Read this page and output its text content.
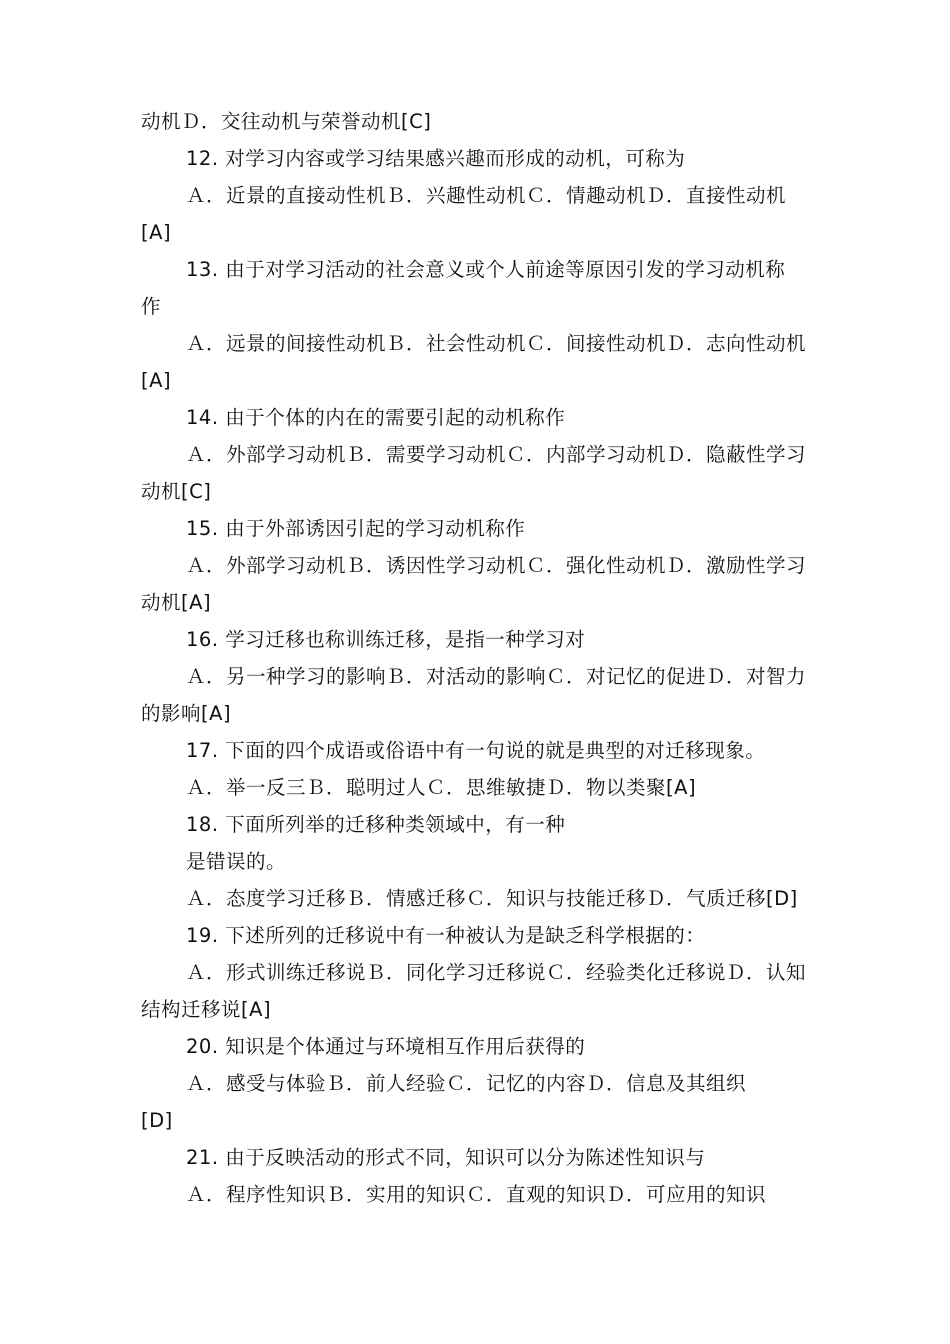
动机Ｄ．交往动机与荣誉动机[C]
12. 对学习内容或学习结果感兴趣而形成的动机，可称为
Ａ．近景的直接动性机Ｂ．兴趣性动机Ｃ．情趣动机Ｄ．直接性动机
[A]
13. 由于对学习活动的社会意义或个人前途等原因引发的学习动机称
作
Ａ．远景的间接性动机Ｂ．社会性动机Ｃ．间接性动机Ｄ．志向性动机
[A]
14. 由于个体的内在的需要引起的动机称作
Ａ．外部学习动机Ｂ．需要学习动机Ｃ．内部学习动机Ｄ．隐蔽性学习
动机[C]
15. 由于外部诱因引起的学习动机称作
Ａ．外部学习动机Ｂ．诱因性学习动机Ｃ．强化性动机Ｄ．激励性学习
动机[A]
16. 学习迁移也称训练迁移，是指一种学习对
Ａ．另一种学习的影响Ｂ．对活动的影响Ｃ．对记忆的促进Ｄ．对智力
的影响[A]
17. 下面的四个成语或俗语中有一句说的就是典型的对迁移现象。
Ａ．举一反三Ｂ．聪明过人Ｃ．思维敏捷Ｄ．物以类聚[A]
18. 下面所列举的迁移种类领域中，有一种
是错误的。
Ａ．态度学习迁移Ｂ．情感迁移Ｃ．知识与技能迁移Ｄ．气质迁移[D]
19. 下述所列的迁移说中有一种被认为是缺乏科学根据的：
Ａ．形式训练迁移说Ｂ．同化学习迁移说Ｃ．经验类化迁移说Ｄ．认知
结构迁移说[A]
20. 知识是个体通过与环境相互作用后获得的
Ａ．感受与体验Ｂ．前人经验Ｃ．记忆的内容Ｄ．信息及其组织
[D]
21. 由于反映活动的形式不同，知识可以分为陈述性知识与
Ａ．程序性知识Ｂ．实用的知识Ｃ．直观的知识Ｄ．可应用的知识
